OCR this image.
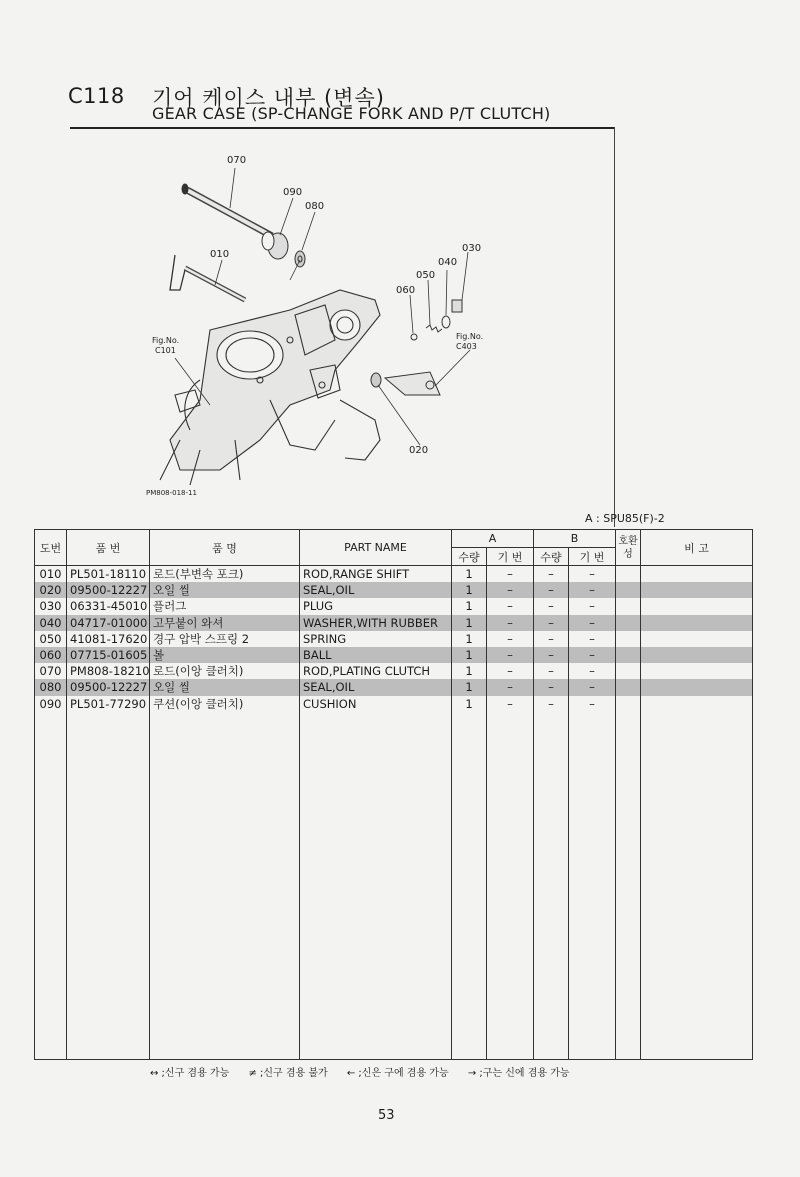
C118 기어 케이스 내부 (변속)
GEAR CASE (SP-CHANGE FORK AND P/T CLUTCH)
070
090
080
010
030
040
050
060
020
Fig.No.
C101
Fig.No.
C403
PM808-018-11
A : SPU85(F)-2
도번	품 번	품 명	PART NAME	A		B		호환성	비 고
				수량	기 번	수량	기 번		
010	PL501-18110	로드(부변속 포크)	ROD,RANGE SHIFT	1	–	–	–		
020	09500-12227	오일 씰	SEAL,OIL	1	–	–	–		
030	06331-45010	플러그	PLUG	1	–	–	–		
040	04717-01000	고무붙이 와셔	WASHER,WITH RUBBER	1	–	–	–		
050	41081-17620	경구 압박 스프링 2	SPRING	1	–	–	–		
060	07715-01605	볼	BALL	1	–	–	–		
070	PM808-18210	로드(이앙 클러치)	ROD,PLATING CLUTCH	1	–	–	–		
080	09500-12227	오일 씰	SEAL,OIL	1	–	–	–		
090	PL501-77290	쿠션(이앙 클러치)	CUSHION	1	–	–	–		

↔ ;신구 겸용 가능 ≠ ;신구 겸용 불가 ← ;신은 구에 겸용 가능 → ;구는 신에 겸용 가능
53
